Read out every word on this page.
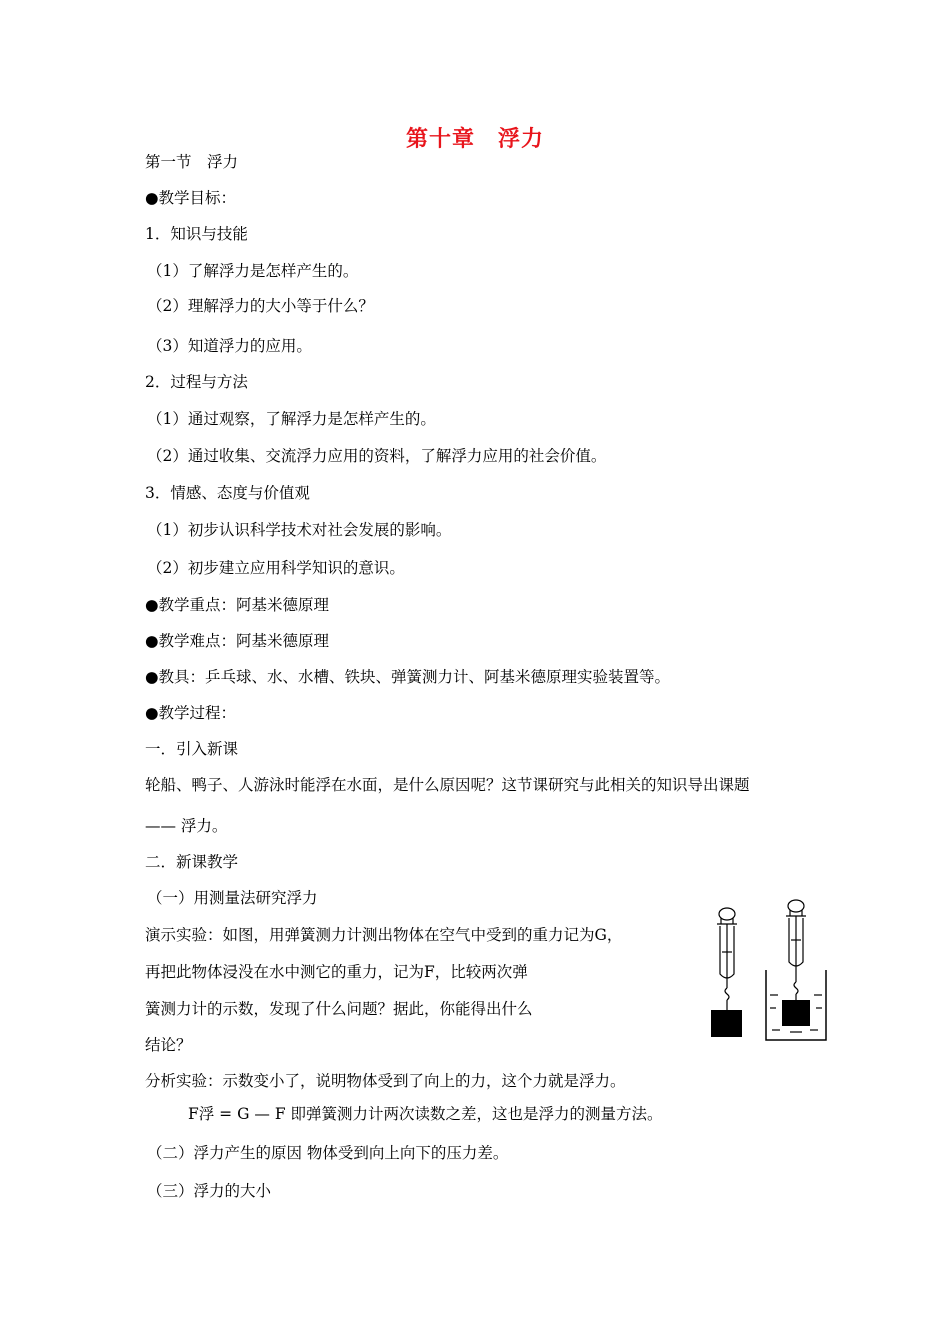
第十章　浮力
第一节　浮力
●教学目标：
1．知识与技能
（1）了解浮力是怎样产生的。
（2）理解浮力的大小等于什么？
（3）知道浮力的应用。
2．过程与方法
（1）通过观察，了解浮力是怎样产生的。
（2）通过收集、交流浮力应用的资料，了解浮力应用的社会价值。
3．情感、态度与价值观
（1）初步认识科学技术对社会发展的影响。
（2）初步建立应用科学知识的意识。
●教学重点：阿基米德原理
●教学难点：阿基米德原理
●教具：乒乓球、水、水槽、铁块、弹簧测力计、阿基米德原理实验装置等。
●教学过程：
一．引入新课
轮船、鸭子、人游泳时能浮在水面，是什么原因呢？这节课研究与此相关的知识导出课题
—— 浮力。
二．新课教学
（一）用测量法研究浮力
演示实验：如图，用弹簧测力计测出物体在空气中受到的重力记为G，
再把此物体浸没在水中测它的重力，记为F，比较两次弹
簧测力计的示数，发现了什么问题？据此，你能得出什么
结论？
分析实验：示数变小了，说明物体受到了向上的力，这个力就是浮力。
F浮 = G — F 即弹簧测力计两次读数之差，这也是浮力的测量方法。
（二）浮力产生的原因 物体受到向上向下的压力差。
（三）浮力的大小
